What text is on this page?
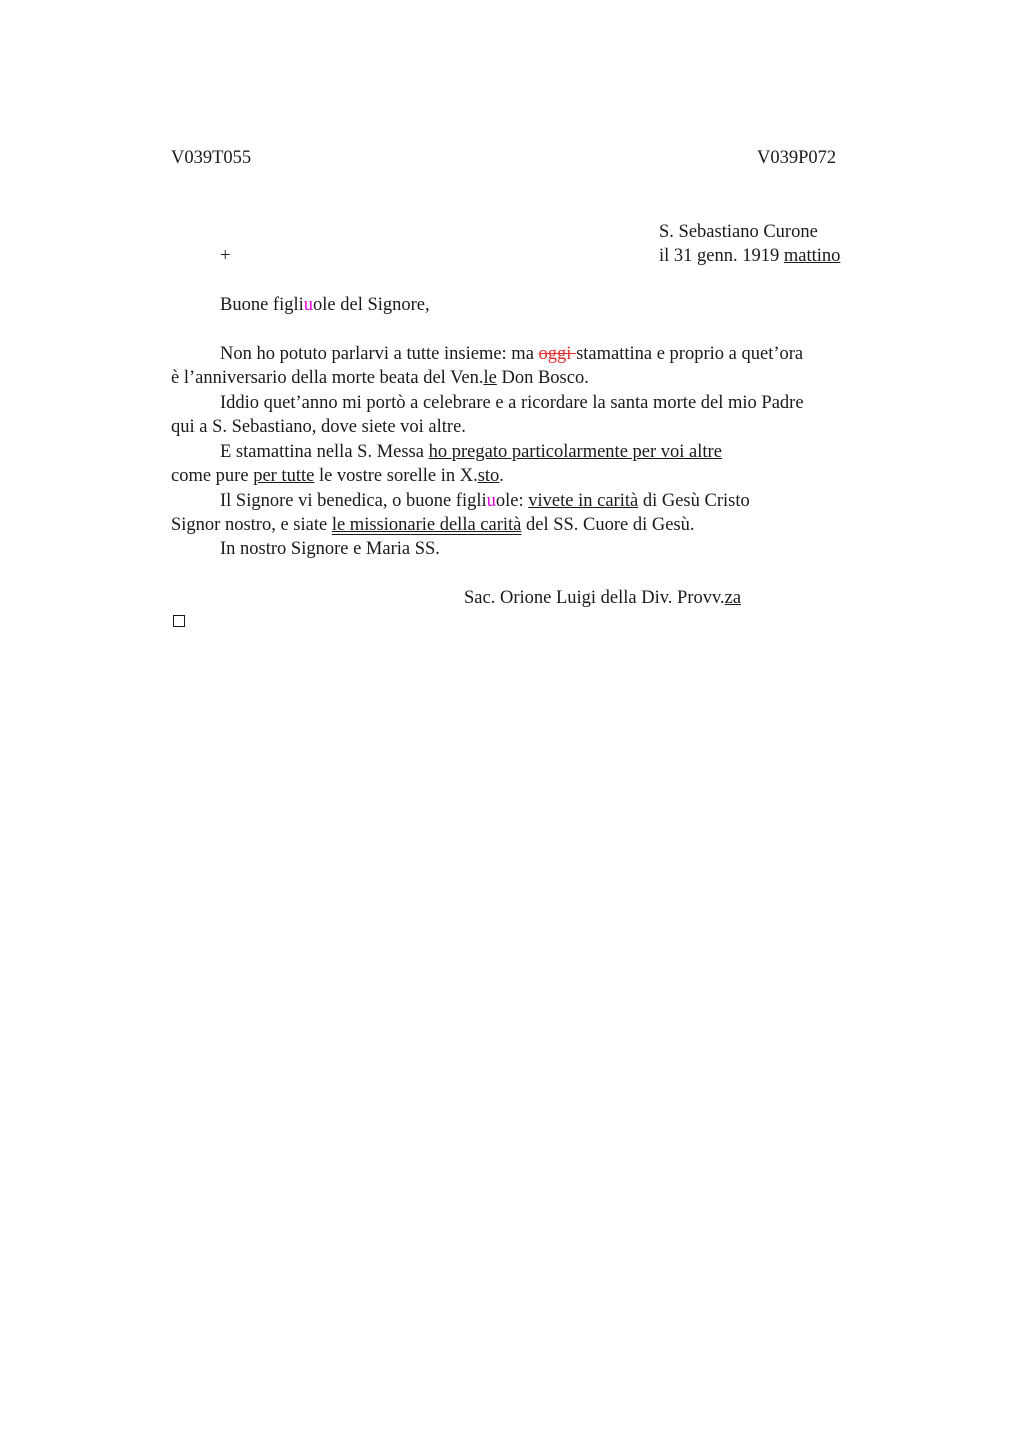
V039T055	V039P072
S. Sebastiano Curone
il 31 genn. 1919 mattino
+
Buone figliuole del Signore,
Non ho potuto parlarvi a tutte insieme: ma oggi stamattina e proprio a quet’ora
è l’anniversario della morte beata del Ven.le Don Bosco.
Iddio quet’anno mi portò a celebrare e a ricordare la santa morte del mio Padre
qui a S. Sebastiano, dove siete voi altre.
E stamattina nella S. Messa ho pregato particolarmente per voi altre
come pure per tutte le vostre sorelle in X.sto.
Il Signore vi benedica, o buone figliuole: vivete in carità di Gesù Cristo
Signor nostro, e siate le missionarie della carità del SS. Cuore di Gesù.
In nostro Signore e Maria SS.
Sac. Orione Luigi della Div. Provv.za
